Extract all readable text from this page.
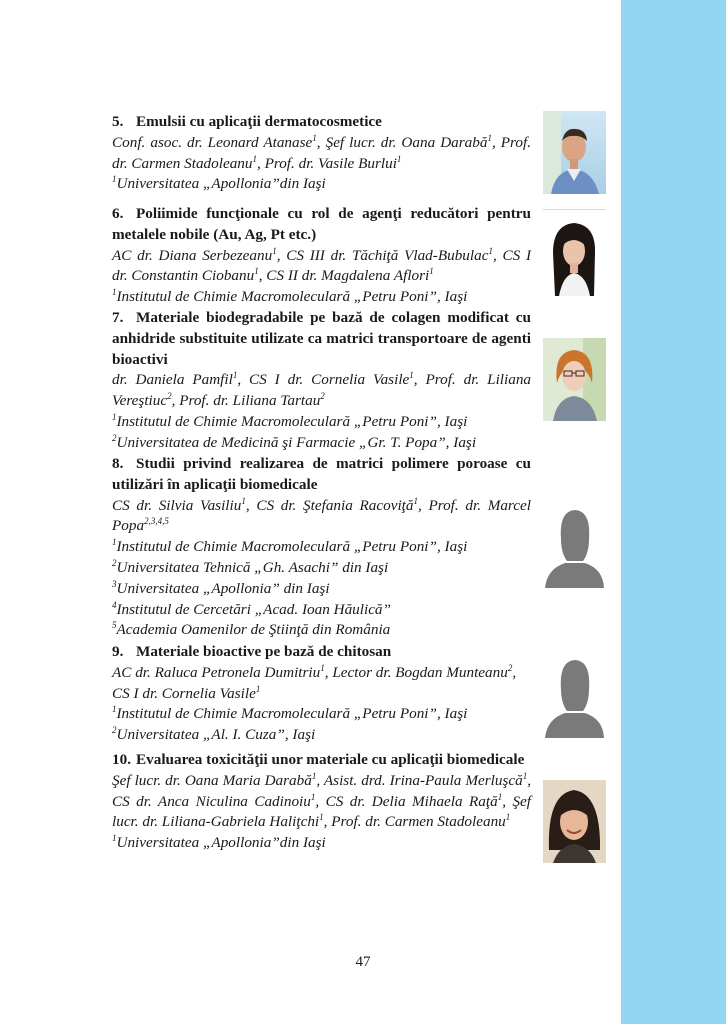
5. Emulsii cu aplicaţii dermatocosmetice
Conf. asoc. dr. Leonard Atanase$^1$, Şef lucr. dr. Oana Darabă$^1$, Prof. dr. Carmen Stadoleanu$^1$, Prof. dr. Vasile Burlui$^1$
$^1$Universitatea „Apollonia”din Iaşi
6. Poliimide funcţionale cu rol de agenţi reducători pentru metalele nobile (Au, Ag, Pt etc.)
AC dr. Diana Serbezeanu$^1$, CS III dr. Tăchiţă Vlad-Bubulac$^1$, CS I dr. Constantin Ciobanu$^1$, CS II dr. Magdalena Aflori$^1$
$^1$Institutul de Chimie Macromoleculară „Petru Poni”, Iaşi
7. Materiale biodegradabile pe bază de colagen modificat cu anhidride substituite utilizate ca matrici transportoare de agenti bioactivi
dr. Daniela Pamfil$^1$, CS I dr. Cornelia Vasile$^1$, Prof. dr. Liliana Vereştiuc$^2$, Prof. dr. Liliana Tartau$^2$
$^1$Institutul de Chimie Macromoleculară „Petru Poni”, Iaşi
$^2$Universitatea de Medicină şi Farmacie „Gr. T. Popa”, Iaşi
8. Studii privind realizarea de matrici polimere poroase cu utilizări în aplicaţii biomedicale
CS dr. Silvia Vasiliu$^1$, CS dr. Ştefania Racoviţă$^1$, Prof. dr. Marcel Popa$^{2,3,4,5}$
$^1$Institutul de Chimie Macromoleculară „Petru Poni”, Iaşi
$^2$Universitatea Tehnică „Gh. Asachi” din Iaşi
$^3$Universitatea „Apollonia” din Iaşi
$^4$Institutul de Cercetări „Acad. Ioan Hăulică”
$^5$Academia Oamenilor de Ştiinţă din România
9. Materiale bioactive pe bază de chitosan
AC dr. Raluca Petronela Dumitriu$^1$, Lector dr. Bogdan Munteanu$^2$, CS I dr. Cornelia Vasile$^1$
$^1$Institutul de Chimie Macromoleculară „Petru Poni”, Iaşi
$^2$Universitatea „Al. I. Cuza”, Iaşi
10. Evaluarea toxicităţii unor materiale cu aplicaţii biomedicale
Şef lucr. dr. Oana Maria Darabă$^1$, Asist. drd. Irina-Paula Merluşcă$^1$, CS dr. Anca Niculina Cadinoiu$^1$, CS dr. Delia Mihaela Raţă$^1$, Şef lucr. dr. Liliana-Gabriela Haliţchi$^1$, Prof. dr. Carmen Stadoleanu$^1$
$^1$Universitatea „Apollonia”din Iaşi
47
